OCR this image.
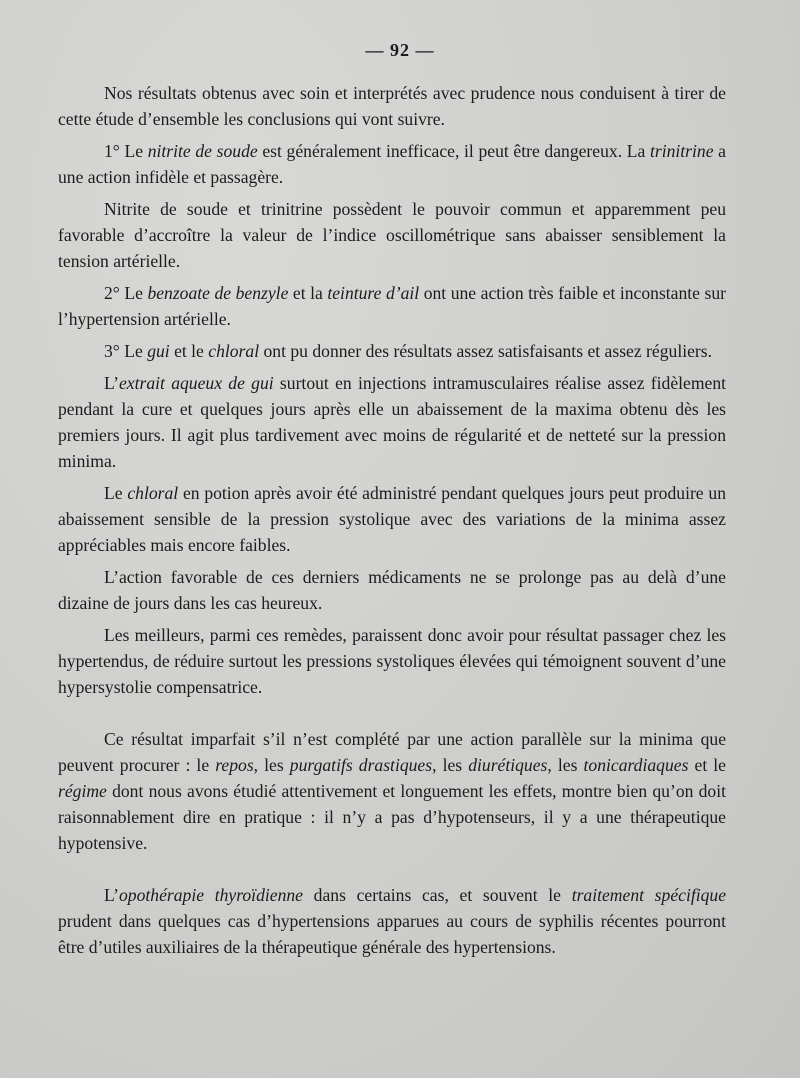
— 92 —

Nos résultats obtenus avec soin et interprétés avec prudence nous conduisent à tirer de cette étude d’ensemble les conclusions qui vont suivre.

1° Le nitrite de soude est généralement inefficace, il peut être dangereux. La trinitrine a une action infidèle et passagère.

Nitrite de soude et trinitrine possèdent le pouvoir commun et apparemment peu favorable d’accroître la valeur de l’indice oscillométrique sans abaisser sensiblement la tension artérielle.

2° Le benzoate de benzyle et la teinture d’ail ont une action très faible et inconstante sur l’hypertension artérielle.

3° Le gui et le chloral ont pu donner des résultats assez satisfaisants et assez réguliers.

L’extrait aqueux de gui surtout en injections intramusculaires réalise assez fidèlement pendant la cure et quelques jours après elle un abaissement de la maxima obtenu dès les premiers jours. Il agit plus tardivement avec moins de régularité et de netteté sur la pression minima.

Le chloral en potion après avoir été administré pendant quelques jours peut produire un abaissement sensible de la pression systolique avec des variations de la minima assez appréciables mais encore faibles.

L’action favorable de ces derniers médicaments ne se prolonge pas au delà d’une dizaine de jours dans les cas heureux.

Les meilleurs, parmi ces remèdes, paraissent donc avoir pour résultat passager chez les hypertendus, de réduire surtout les pressions systoliques élevées qui témoignent souvent d’une hypersystolie compensatrice.

Ce résultat imparfait s’il n’est complété par une action parallèle sur la minima que peuvent procurer : le repos, les purgatifs drastiques, les diurétiques, les tonicardiaques et le régime dont nous avons étudié attentivement et longuement les effets, montre bien qu’on doit raisonnablement dire en pratique : il n’y a pas d’hypotenseurs, il y a une thérapeutique hypotensive.

L’opothérapie thyroïdienne dans certains cas, et souvent le traitement spécifique prudent dans quelques cas d’hypertensions apparues au cours de syphilis récentes pourront être d’utiles auxiliaires de la thérapeutique générale des hypertensions.
